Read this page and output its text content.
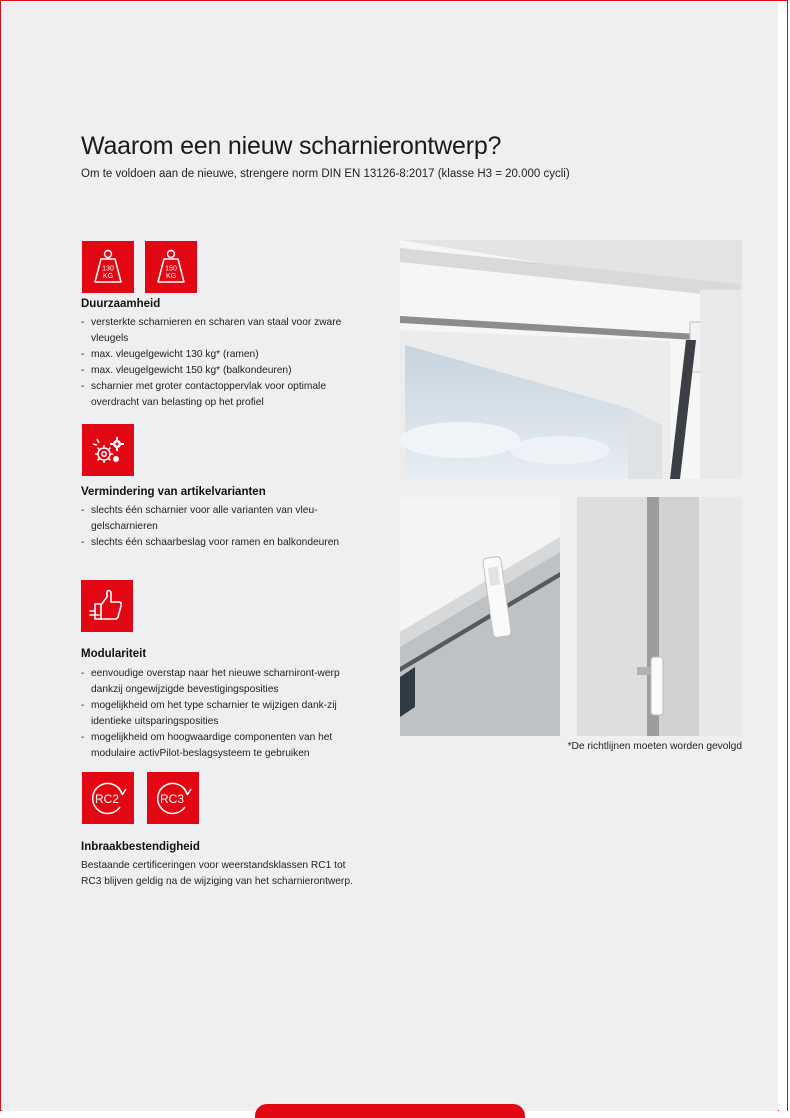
Waarom een nieuw scharnierontwerp?

Om te voldoen aan de nieuwe, strengere norm DIN EN 13126-8:2017 (klasse H3 = 20.000 cycli)

130
KG
150
KG
Duurzaamheid
- versterkte scharnieren en scharen van staal voor zware vleugels
- max. vleugelgewicht 130 kg* (ramen)
- max. vleugelgewicht 150 kg* (balkondeuren)
- scharnier met groter contactoppervlak voor optimale overdracht van belasting op het profiel
Vermindering van artikelvarianten
- slechts één scharnier voor alle varianten van vleu-gelscharnieren
- slechts één schaarbeslag voor ramen en balkondeuren
Modulariteit
- eenvoudige overstap naar het nieuwe scharniront-werp dankzij ongewijzigde bevestigingsposities
- mogelijkheid om het type scharnier te wijzigen dank-zij identieke uitsparingsposities
- mogelijkheid om hoogwaardige componenten van het modulaire activPilot-beslagsysteem te gebruiken
RC2	RC3
Inbraakbestendigheid

Bestaande certificeringen voor weerstandsklassen RC1 tot RC3 blijven geldig na de wijziging van het scharnierontwerp.

*De richtlijnen moeten worden gevolgd
